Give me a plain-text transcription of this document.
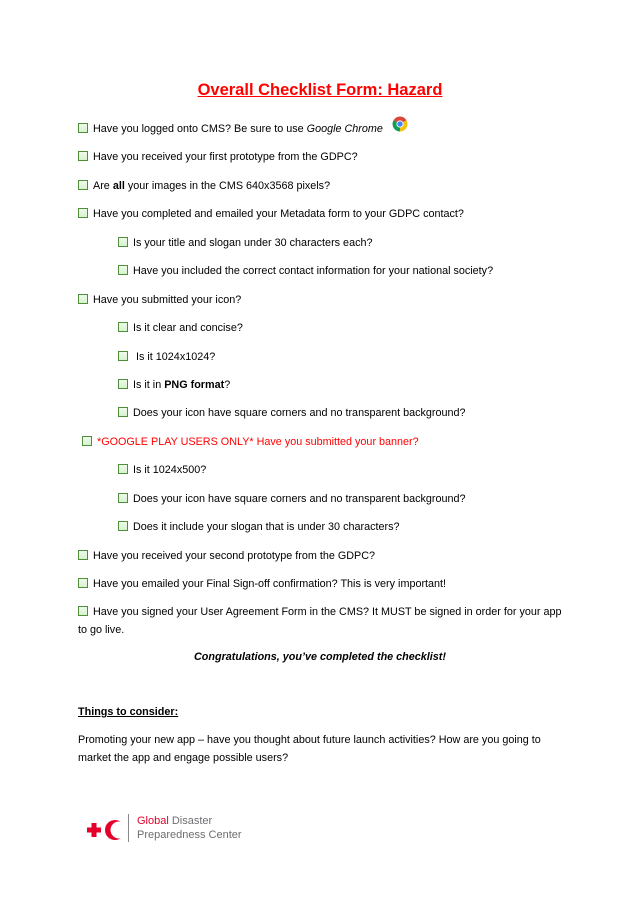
Overall Checklist Form: Hazard
Have you logged onto CMS? Be sure to use Google Chrome
Have you received your first prototype from the GDPC?
Are all your images in the CMS 640x3568 pixels?
Have you completed and emailed your Metadata form to your GDPC contact?
Is your title and slogan under 30 characters each?
Have you included the correct contact information for your national society?
Have you submitted your icon?
Is it clear and concise?
Is it 1024x1024?
Is it in PNG format?
Does your icon have square corners and no transparent background?
*GOOGLE PLAY USERS ONLY* Have you submitted your banner?
Is it 1024x500?
Does your icon have square corners and no transparent background?
Does it include your slogan that is under 30 characters?
Have you received your second prototype from the GDPC?
Have you emailed your Final Sign-off confirmation? This is very important!
Have you signed your User Agreement Form in the CMS? It MUST be signed in order for your app
to go live.
Congratulations, you’ve completed the checklist!
Things to consider:
Promoting your new app – have you thought about future launch activities? How are you going to
market the app and engage possible users?
Global Disaster
Preparedness Center
